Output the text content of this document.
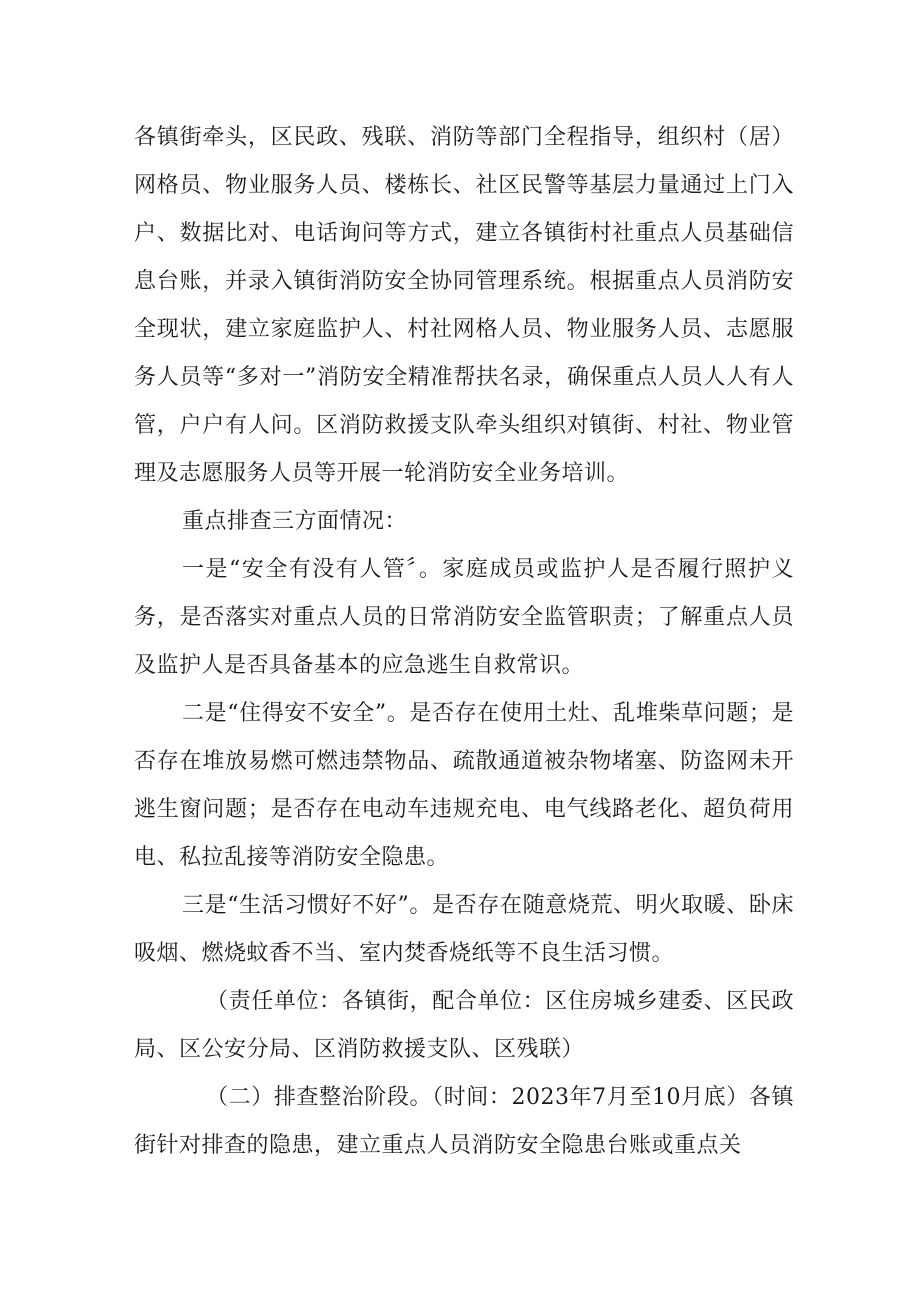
各镇街牵头，区民政、残联、消防等部门全程指导，组织村（居）网格员、物业服务人员、楼栋长、社区民警等基层力量通过上门入户、数据比对、电话询问等方式，建立各镇街村社重点人员基础信息台账，并录入镇街消防安全协同管理系统。根据重点人员消防安全现状，建立家庭监护人、村社网格人员、物业服务人员、志愿服务人员等“多对一”消防安全精准帮扶名录，确保重点人员人人有人管，户户有人问。区消防救援支队牵头组织对镇街、村社、物业管理及志愿服务人员等开展一轮消防安全业务培训。

重点排查三方面情况：

一是“安全有没有人管〞。家庭成员或监护人是否履行照护义务，是否落实对重点人员的日常消防安全监管职责；了解重点人员及监护人是否具备基本的应急逃生自救常识。

二是“住得安不安全”。是否存在使用土灶、乱堆柴草问题；是否存在堆放易燃可燃违禁物品、疏散通道被杂物堵塞、防盗网未开逃生窗问题；是否存在电动车违规充电、电气线路老化、超负荷用电、私拉乱接等消防安全隐患。

三是“生活习惯好不好”。是否存在随意烧荒、明火取暖、卧床吸烟、燃烧蚊香不当、室内焚香烧纸等不良生活习惯。

（责任单位：各镇街，配合单位：区住房城乡建委、区民政局、区公安分局、区消防救援支队、区残联）

（二）排查整治阶段。（时间：2023年7月至10月底）各镇街针对排查的隐患，建立重点人员消防安全隐患台账或重点关
